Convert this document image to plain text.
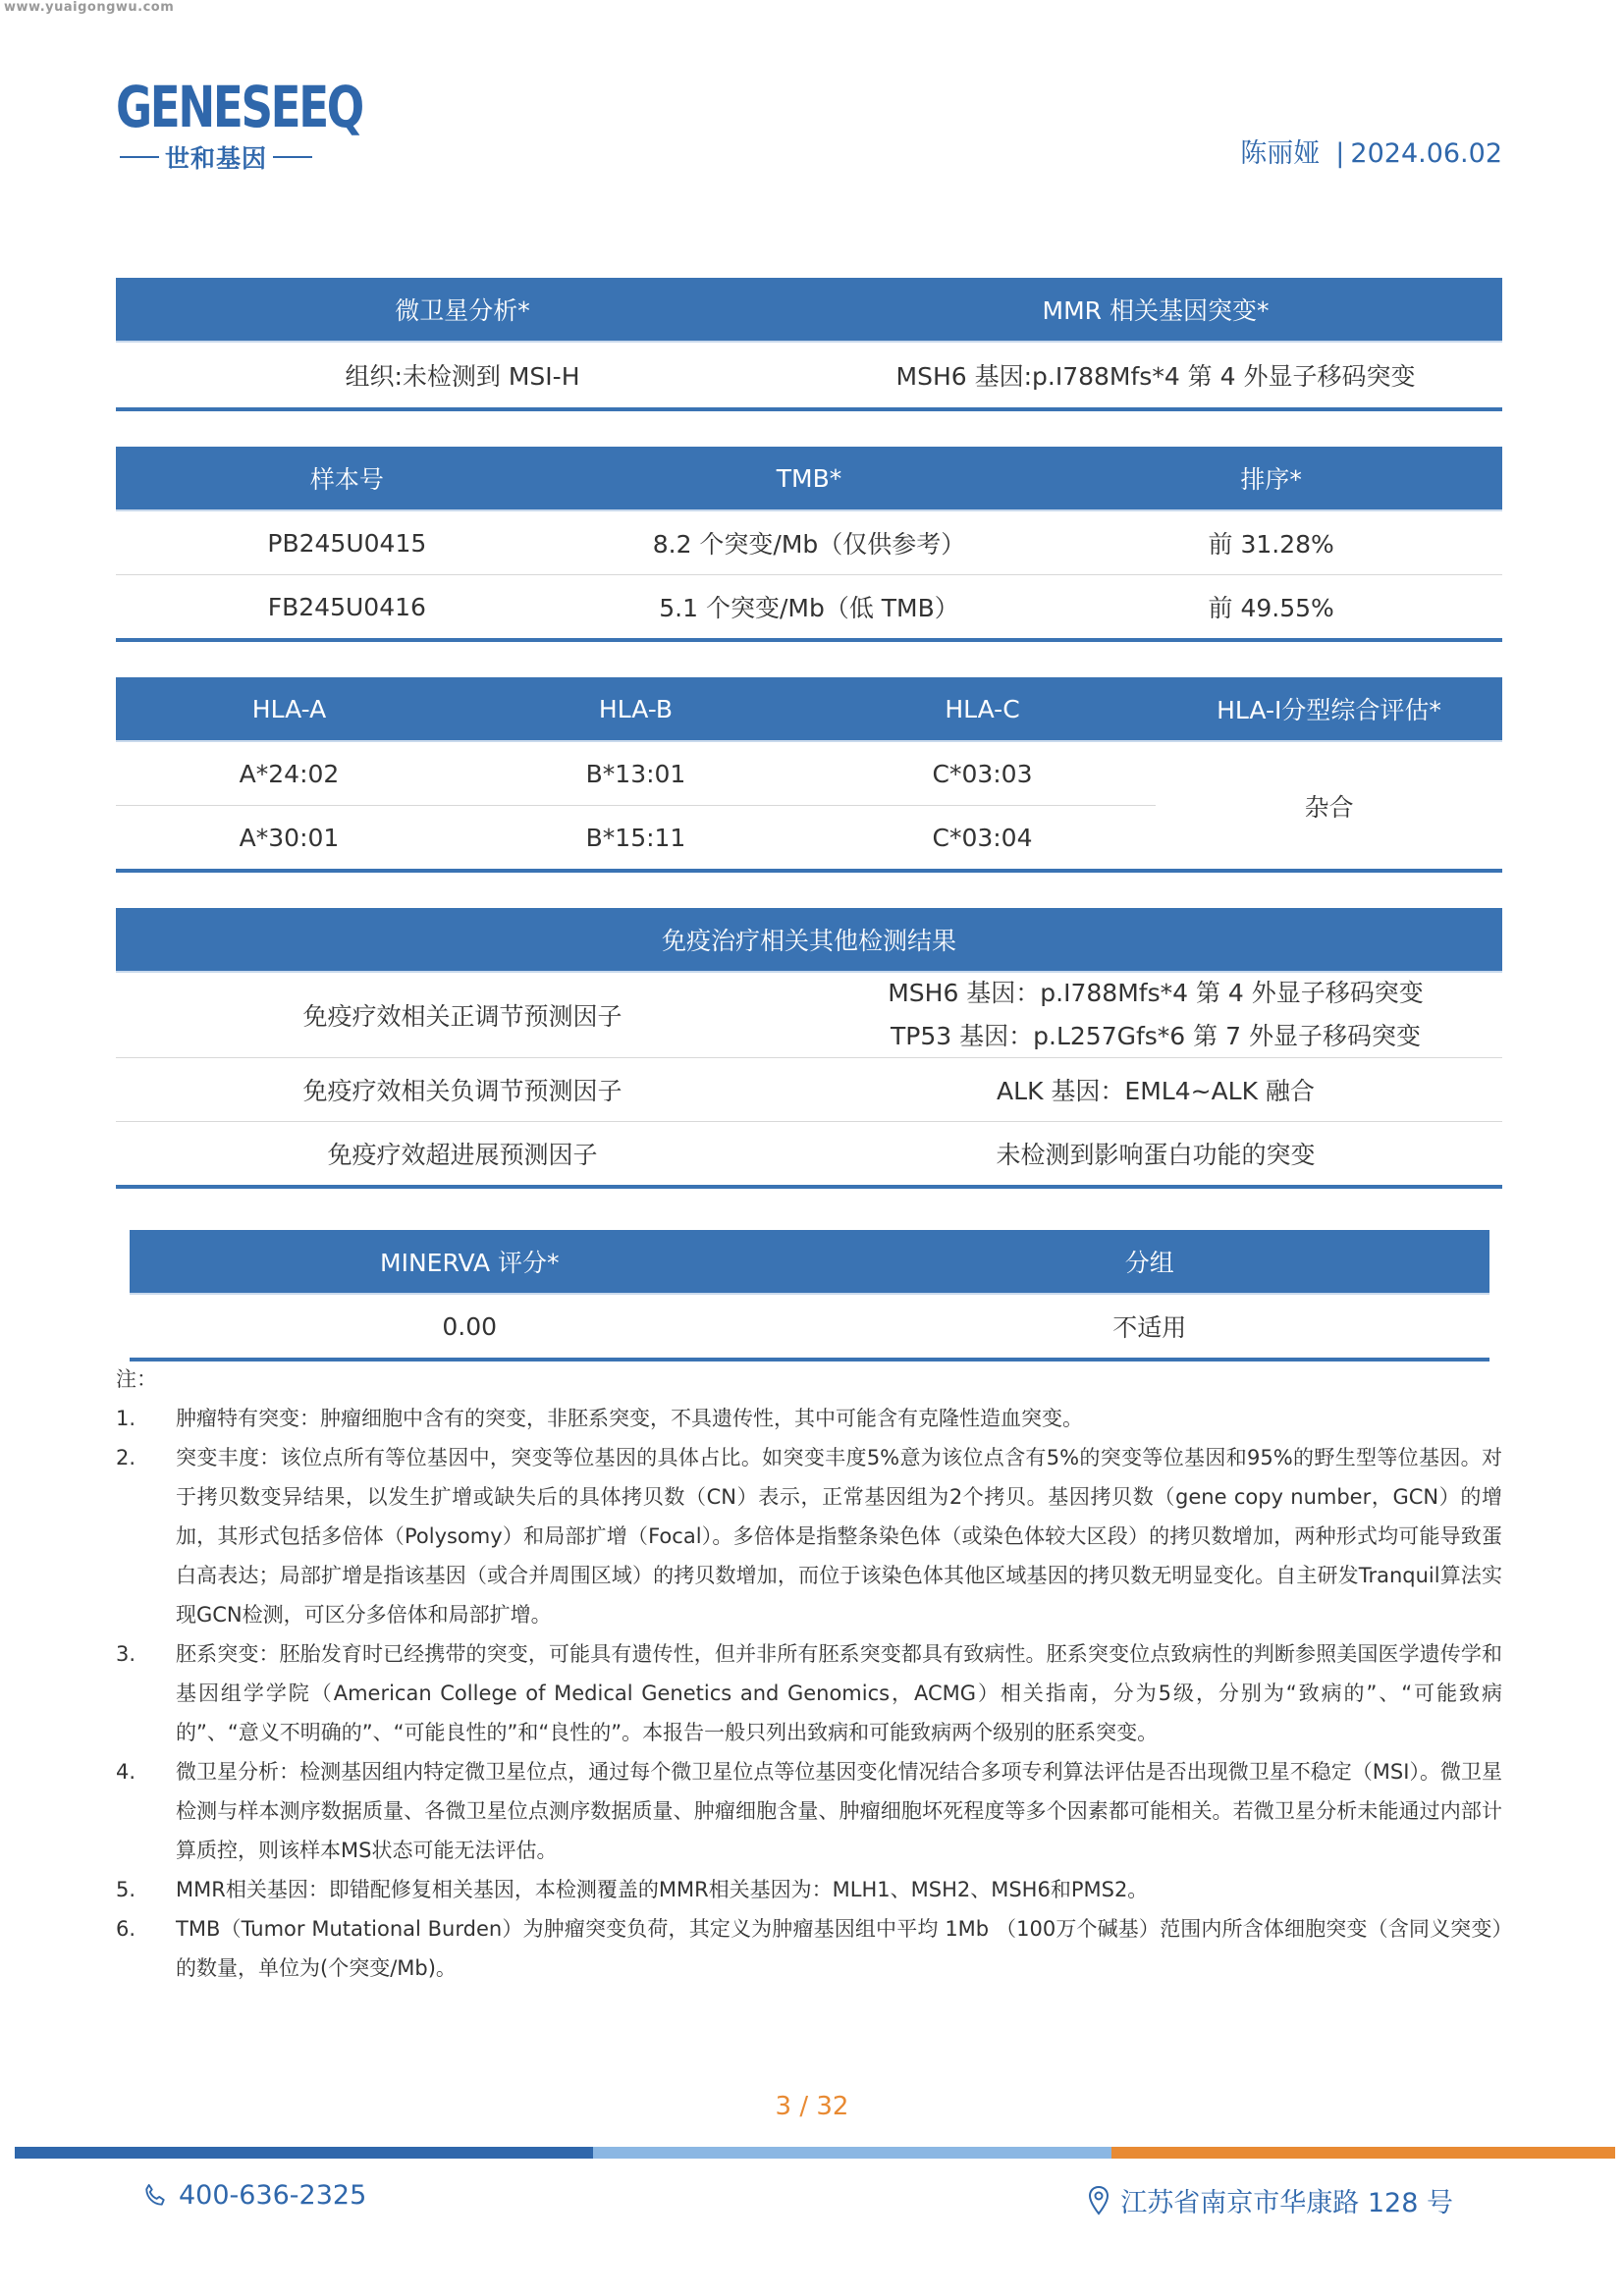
www.yuaigongwu.com
GENESEEQ
世和基因	陈丽娅 | 2024.06.02
微卫星分析*	MMR 相关基因突变*
组织:未检测到 MSI-H	MSH6 基因:p.I788Mfs*4 第 4 外显子移码突变
样本号	TMB*	排序*
PB245U0415	8.2 个突变/Mb（仅供参考）	前 31.28%
FB245U0416	5.1 个突变/Mb（低 TMB）	前 49.55%
HLA-A	HLA-B	HLA-C	HLA-Ⅰ分型综合评估*
A*24:02	B*13:01	C*03:03
A*30:01	B*15:11	C*03:04
杂合
免疫治疗相关其他检测结果
免疫疗效相关正调节预测因子
MSH6 基因：p.I788Mfs*4 第 4 外显子移码突变
TP53 基因：p.L257Gfs*6 第 7 外显子移码突变
免疫疗效相关负调节预测因子	ALK 基因：EML4~ALK 融合
免疫疗效超进展预测因子	未检测到影响蛋白功能的突变
MINERVA 评分*	分组
0.00	不适用
注：
1.	肿瘤特有突变：肿瘤细胞中含有的突变，非胚系突变，不具遗传性，其中可能含有克隆性造血突变。
2.	突变丰度：该位点所有等位基因中，突变等位基因的具体占比。如突变丰度5%意为该位点含有5%的突变等位基因和95%的野生型等位基因。对于拷贝数变异结果，以发生扩增或缺失后的具体拷贝数（CN）表示，正常基因组为2个拷贝。基因拷贝数（gene copy number，GCN）的增加，其形式包括多倍体（Polysomy）和局部扩增（Focal）。多倍体是指整条染色体（或染色体较大区段）的拷贝数增加，两种形式均可能导致蛋白高表达；局部扩增是指该基因（或合并周围区域）的拷贝数增加，而位于该染色体其他区域基因的拷贝数无明显变化。自主研发Tranquil算法实现GCN检测，可区分多倍体和局部扩增。
3.	胚系突变：胚胎发育时已经携带的突变，可能具有遗传性，但并非所有胚系突变都具有致病性。胚系突变位点致病性的判断参照美国医学遗传学和基因组学学院（American College of Medical Genetics and Genomics，ACMG）相关指南，分为5级，分别为“致病的”、“可能致病的”、“意义不明确的”、“可能良性的”和“良性的”。本报告一般只列出致病和可能致病两个级别的胚系突变。
4.	微卫星分析：检测基因组内特定微卫星位点，通过每个微卫星位点等位基因变化情况结合多项专利算法评估是否出现微卫星不稳定（MSI）。微卫星检测与样本测序数据质量、各微卫星位点测序数据质量、肿瘤细胞含量、肿瘤细胞坏死程度等多个因素都可能相关。若微卫星分析未能通过内部计算质控，则该样本MS状态可能无法评估。
5.	MMR相关基因：即错配修复相关基因，本检测覆盖的MMR相关基因为：MLH1、MSH2、MSH6和PMS2。
6.	TMB（Tumor Mutational Burden）为肿瘤突变负荷，其定义为肿瘤基因组中平均 1Mb （100万个碱基）范围内所含体细胞突变（含同义突变）的数量，单位为(个突变/Mb)。
3 / 32
400-636-2325	江苏省南京市华康路 128 号
